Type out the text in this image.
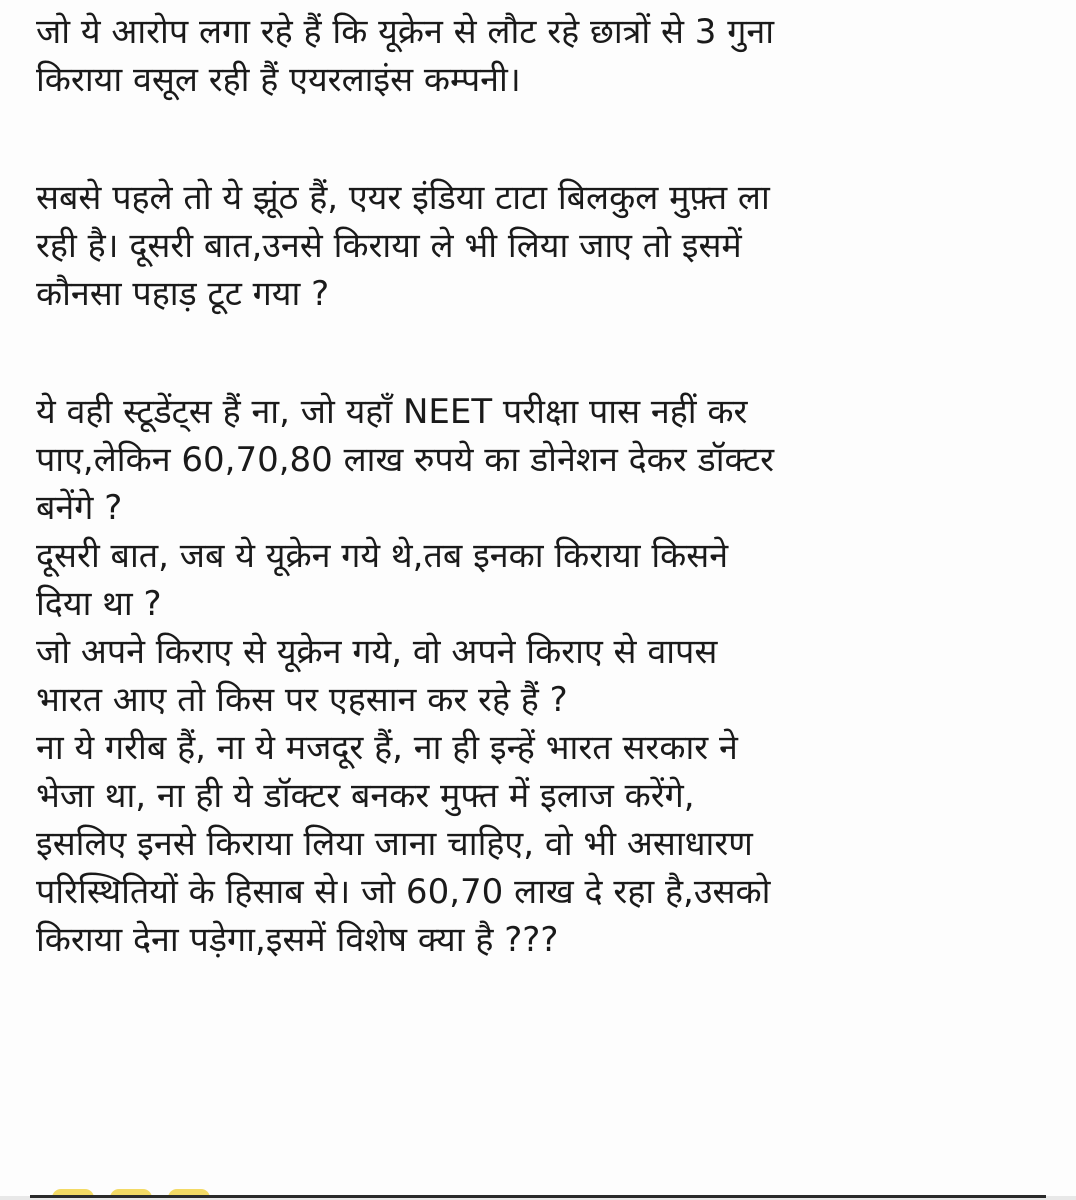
जो ये आरोप लगा रहे हैं कि यूक्रेन से लौट रहे छात्रों से 3 गुना
किराया वसूल रही हैं एयरलाइंस कम्पनी।
सबसे पहले तो ये झूंठ हैं, एयर इंडिया टाटा बिलकुल मुफ़्त ला
रही है। दूसरी बात,उनसे किराया ले भी लिया जाए तो इसमें
कौनसा पहाड़ टूट गया ?
ये वही स्टूडेंट्स हैं ना, जो यहाँ NEET परीक्षा पास नहीं कर
पाए,लेकिन 60,70,80 लाख रुपये का डोनेशन देकर डॉक्टर
बनेंगे ?
दूसरी बात, जब ये यूक्रेन गये थे,तब इनका किराया किसने
दिया था ?
जो अपने किराए से यूक्रेन गये, वो अपने किराए से वापस
भारत आए तो किस पर एहसान कर रहे हैं ?
ना ये गरीब हैं, ना ये मजदूर हैं, ना ही इन्हें भारत सरकार ने
भेजा था, ना ही ये डॉक्टर बनकर मुफ्त में इलाज करेंगे,
इसलिए इनसे किराया लिया जाना चाहिए, वो भी असाधारण
परिस्थितियों के हिसाब से। जो 60,70 लाख दे रहा है,उसको
किराया देना पड़ेगा,इसमें विशेष क्या है ???
